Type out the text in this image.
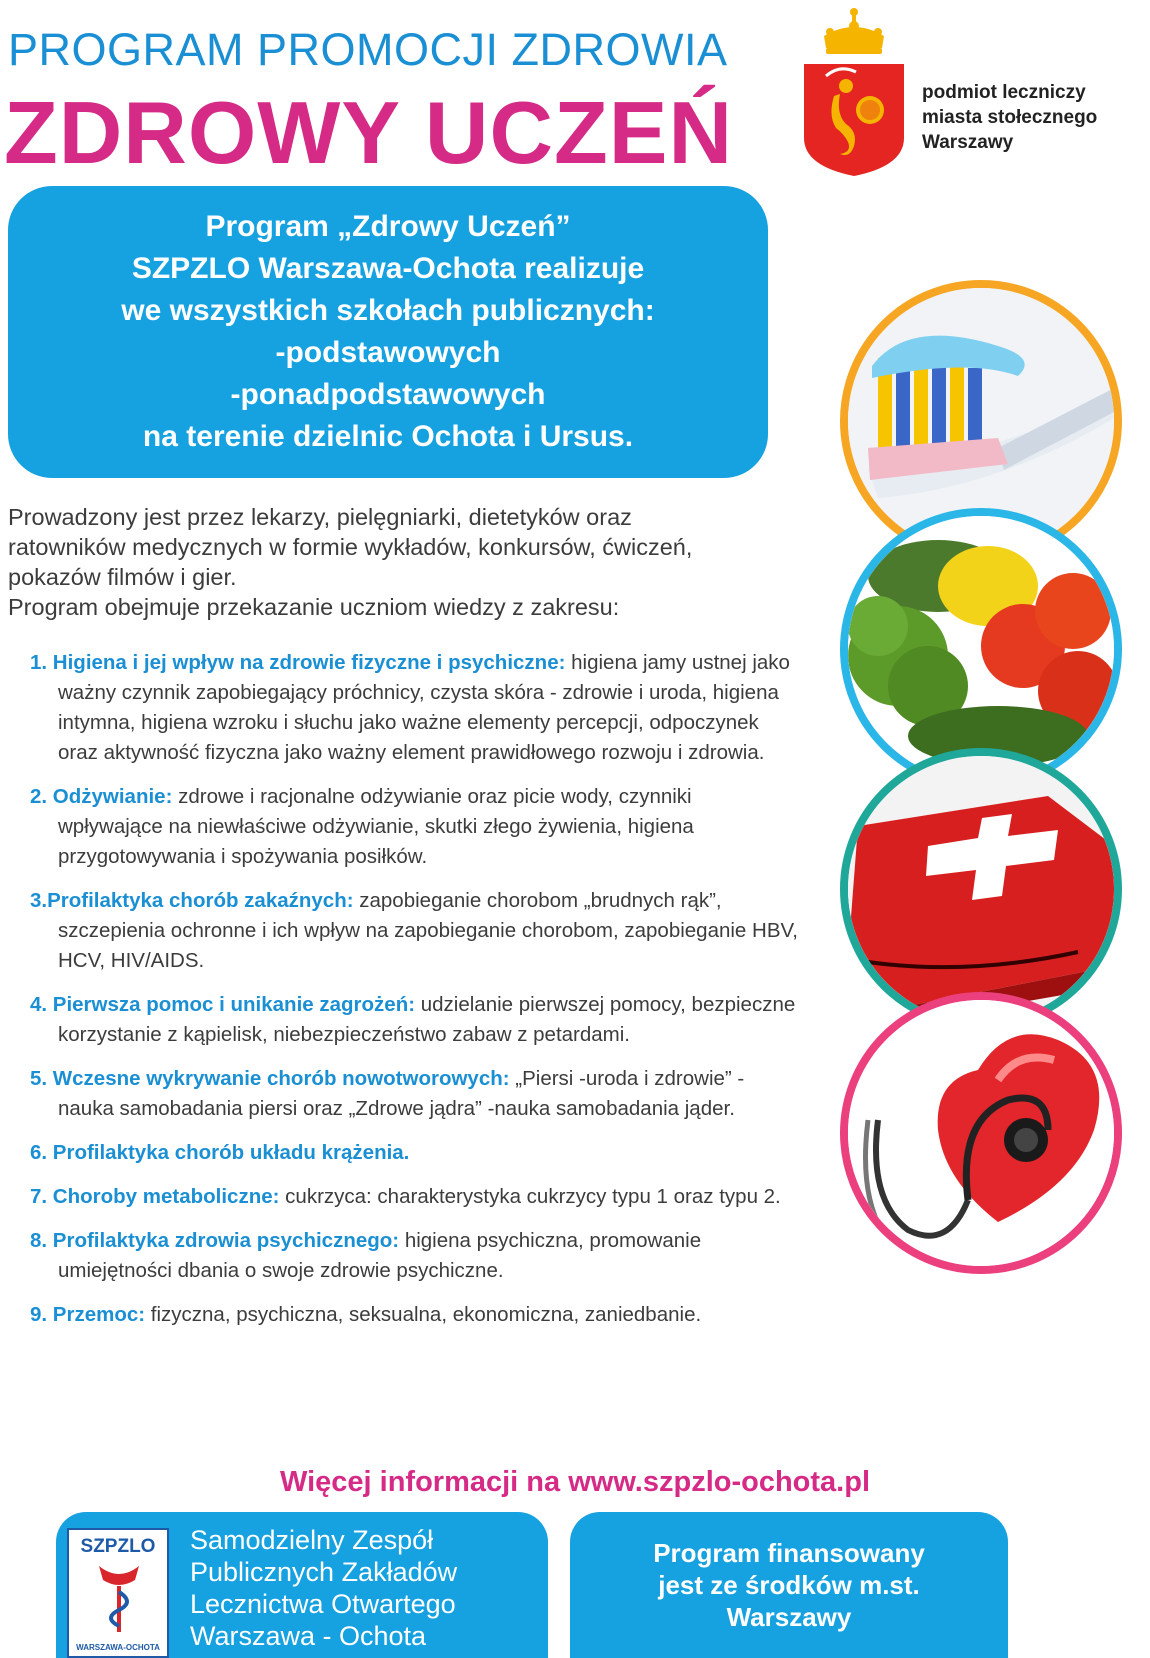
PROGRAM PROMOCJI ZDROWIA
ZDROWY UCZEŃ	podmiot leczniczy
miasta stołecznego
Warszawy
Program „Zdrowy Uczeń”
SZPZLO Warszawa-Ochota realizuje
we wszystkich szkołach publicznych:
-podstawowych
-ponadpodstawowych
na terenie dzielnic Ochota i Ursus.
Prowadzony jest przez lekarzy, pielęgniarki, dietetyków oraz
ratowników medycznych w formie wykładów, konkursów, ćwiczeń,
pokazów filmów i gier.
Program obejmuje przekazanie uczniom wiedzy z zakresu:
1. Higiena i jej wpływ na zdrowie fizyczne i psychiczne: higiena jamy ustnej jako ważny czynnik zapobiegający próchnicy, czysta skóra - zdrowie i uroda, higiena intymna, higiena wzroku i słuchu jako ważne elementy percepcji, odpoczynek oraz aktywność fizyczna jako ważny element prawidłowego rozwoju i zdrowia.
2. Odżywianie: zdrowe i racjonalne odżywianie oraz picie wody, czynniki wpływające na niewłaściwe odżywianie, skutki złego żywienia, higiena przygotowywania i spożywania posiłków.
3.Profilaktyka chorób zakaźnych: zapobieganie chorobom „brudnych rąk”, szczepienia ochronne i ich wpływ na zapobieganie chorobom, zapobieganie HBV, HCV, HIV/AIDS.
4. Pierwsza pomoc i unikanie zagrożeń: udzielanie pierwszej pomocy, bezpieczne korzystanie z kąpielisk, niebezpieczeństwo zabaw z petardami.
5. Wczesne wykrywanie chorób nowotworowych: „Piersi -uroda i zdrowie” - nauka samobadania piersi oraz „Zdrowe jądra” -nauka samobadania jąder.
6. Profilaktyka chorób układu krążenia.
7. Choroby metaboliczne: cukrzyca: charakterystyka cukrzycy typu 1 oraz typu 2.
8. Profilaktyka zdrowia psychicznego: higiena psychiczna, promowanie umiejętności dbania o swoje zdrowie psychiczne.
9. Przemoc: fizyczna, psychiczna, seksualna, ekonomiczna, zaniedbanie.
Więcej informacji na www.szpzlo-ochota.pl
SZPZLO
WARSZAWA-OCHOTA
Samodzielny Zespół
Publicznych Zakładów
Lecznictwa Otwartego
Warszawa - Ochota
Program finansowany
jest ze środków m.st.
Warszawy
